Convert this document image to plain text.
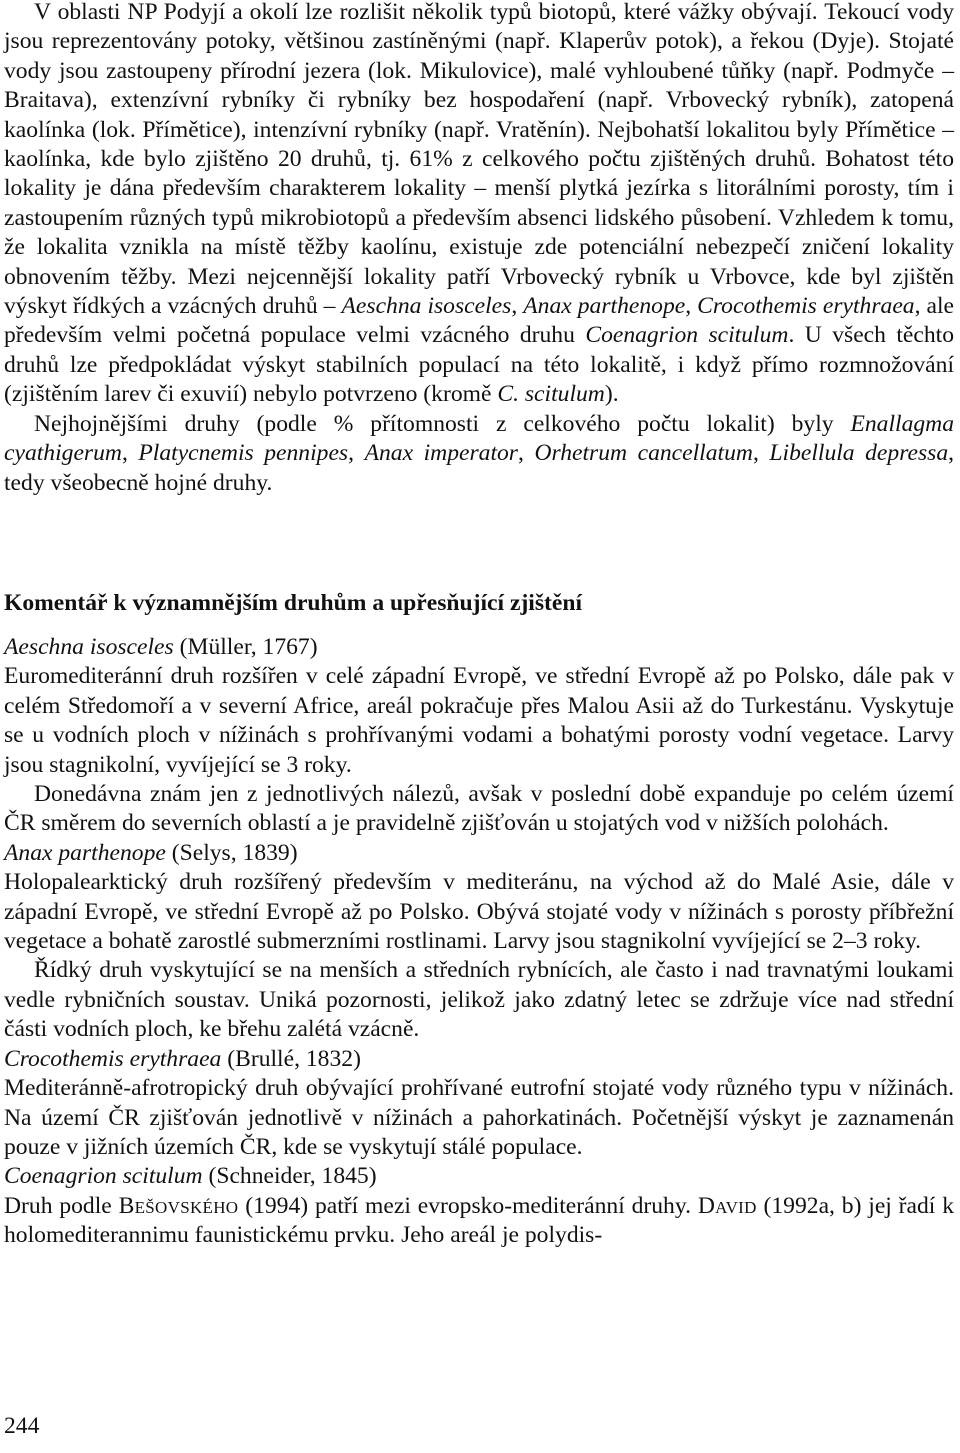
V oblasti NP Podyjí a okolí lze rozlišit několik typů biotopů, které vážky obývají. Tekoucí vody jsou reprezentovány potoky, většinou zastíněnými (např. Klaperův potok), a řekou (Dyje). Stojaté vody jsou zastoupeny přírodní jezera (lok. Mikulovice), malé vyhloubené tůňky (např. Podmyče – Braitava), extenzívní rybníky či rybníky bez hospodaření (např. Vrbovecký rybník), zatopená kaolínka (lok. Přímětice), intenzívní rybníky (např. Vratěnín). Nejbohatší lokalitou byly Přímětice – kaolínka, kde bylo zjištěno 20 druhů, tj. 61% z celkového počtu zjištěných druhů. Bohatost této lokality je dána především charakterem lokality – menší plytká jezírka s litorálními porosty, tím i zastoupením různých typů mikrobiotopů a především absenci lidského působení. Vzhledem k tomu, že lokalita vznikla na místě těžby kaolínu, existuje zde potenciální nebezpečí zničení lokality obnovením těžby. Mezi nejcennější lokality patří Vrbovecký rybník u Vrbovce, kde byl zjištěn výskyt řídkých a vzácných druhů – Aeschna isosceles, Anax parthenope, Crocothemis erythraea, ale především velmi početná populace velmi vzácného druhu Coenagrion scitulum. U všech těchto druhů lze předpokládat výskyt stabilních populací na této lokalitě, i když přímo rozmnožování (zjištěním larev či exuvií) nebylo potvrzeno (kromě C. scitulum).

Nejhojnějšími druhy (podle % přítomnosti z celkového počtu lokalit) byly Enallagma cyathigerum, Platycnemis pennipes, Anax imperator, Orhetrum cancellatum, Libellula depressa, tedy všeobecně hojné druhy.

Komentář k významnějším druhům a upřesňující zjištění

Aeschna isosceles (Müller, 1767)

Euromediteránní druh rozšířen v celé západní Evropě, ve střední Evropě až po Polsko, dále pak v celém Středomoří a v severní Africe, areál pokračuje přes Malou Asii až do Turkestánu. Vyskytuje se u vodních ploch v nížinách s prohřívanými vodami a bohatými porosty vodní vegetace. Larvy jsou stagnikolní, vyvíjející se 3 roky.

Donedávna znám jen z jednotlivých nálezů, avšak v poslední době expanduje po celém území ČR směrem do severních oblastí a je pravidelně zjišťován u stojatých vod v nižších polohách.

Anax parthenope (Selys, 1839)

Holopalearktický druh rozšířený především v mediteránu, na východ až do Malé Asie, dále v západní Evropě, ve střední Evropě až po Polsko. Obývá stojaté vody v nížinách s porosty příbřežní vegetace a bohatě zarostlé submerzními rostlinami. Larvy jsou stagnikolní vyvíjející se 2–3 roky.

Řídký druh vyskytující se na menších a středních rybnících, ale často i nad travnatými loukami vedle rybničních soustav. Uniká pozornosti, jelikož jako zdatný letec se zdržuje více nad střední části vodních ploch, ke břehu zalétá vzácně.

Crocothemis erythraea (Brullé, 1832)

Mediteránně-afrotropický druh obývající prohřívané eutrofní stojaté vody různého typu v nížinách. Na území ČR zjišťován jednotlivě v nížinách a pahorkatinách. Početnější výskyt je zaznamenán pouze v jižních územích ČR, kde se vyskytují stálé populace.

Coenagrion scitulum (Schneider, 1845)

Druh podle Bešovského (1994) patří mezi evropsko-mediteránní druhy. David (1992a, b) jej řadí k holomediterannimu faunistickému prvku. Jeho areál je polydis-

244
